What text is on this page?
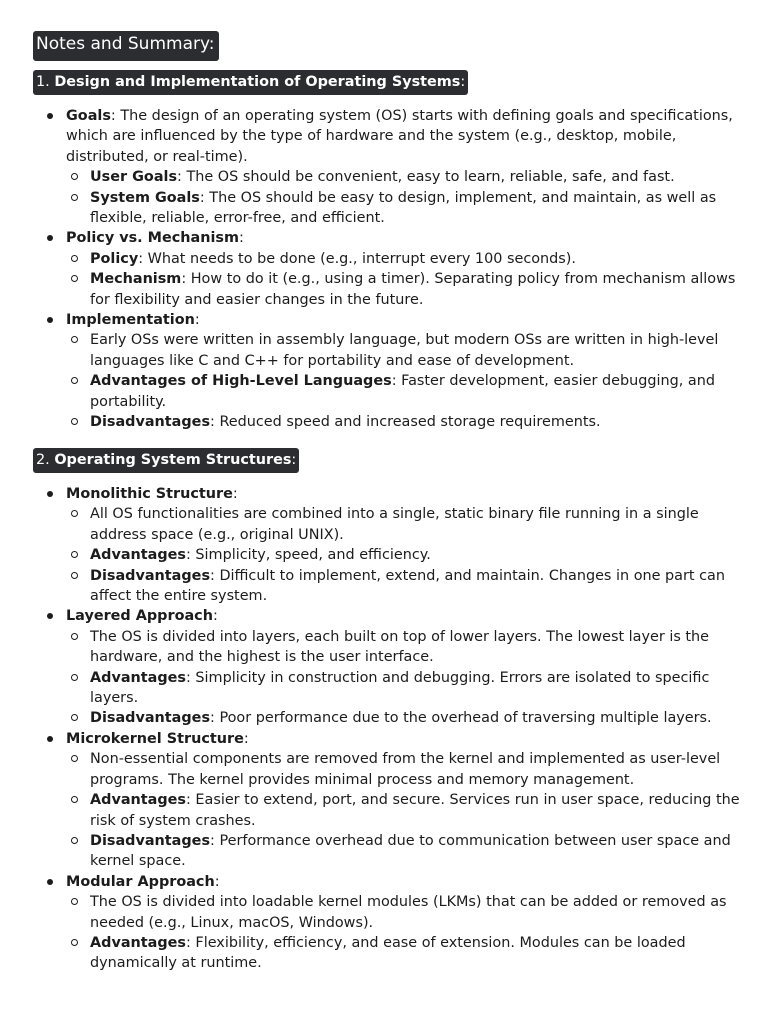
Notes and Summary:
1. Design and Implementation of Operating Systems:
Goals: The design of an operating system (OS) starts with defining goals and specifications, which are influenced by the type of hardware and the system (e.g., desktop, mobile, distributed, or real-time).
User Goals: The OS should be convenient, easy to learn, reliable, safe, and fast.
System Goals: The OS should be easy to design, implement, and maintain, as well as flexible, reliable, error-free, and efficient.
Policy vs. Mechanism:
Policy: What needs to be done (e.g., interrupt every 100 seconds).
Mechanism: How to do it (e.g., using a timer). Separating policy from mechanism allows for flexibility and easier changes in the future.
Implementation:
Early OSs were written in assembly language, but modern OSs are written in high-level languages like C and C++ for portability and ease of development.
Advantages of High-Level Languages: Faster development, easier debugging, and portability.
Disadvantages: Reduced speed and increased storage requirements.
2. Operating System Structures:
Monolithic Structure:
All OS functionalities are combined into a single, static binary file running in a single address space (e.g., original UNIX).
Advantages: Simplicity, speed, and efficiency.
Disadvantages: Difficult to implement, extend, and maintain. Changes in one part can affect the entire system.
Layered Approach:
The OS is divided into layers, each built on top of lower layers. The lowest layer is the hardware, and the highest is the user interface.
Advantages: Simplicity in construction and debugging. Errors are isolated to specific layers.
Disadvantages: Poor performance due to the overhead of traversing multiple layers.
Microkernel Structure:
Non-essential components are removed from the kernel and implemented as user-level programs. The kernel provides minimal process and memory management.
Advantages: Easier to extend, port, and secure. Services run in user space, reducing the risk of system crashes.
Disadvantages: Performance overhead due to communication between user space and kernel space.
Modular Approach:
The OS is divided into loadable kernel modules (LKMs) that can be added or removed as needed (e.g., Linux, macOS, Windows).
Advantages: Flexibility, efficiency, and ease of extension. Modules can be loaded dynamically at runtime.
